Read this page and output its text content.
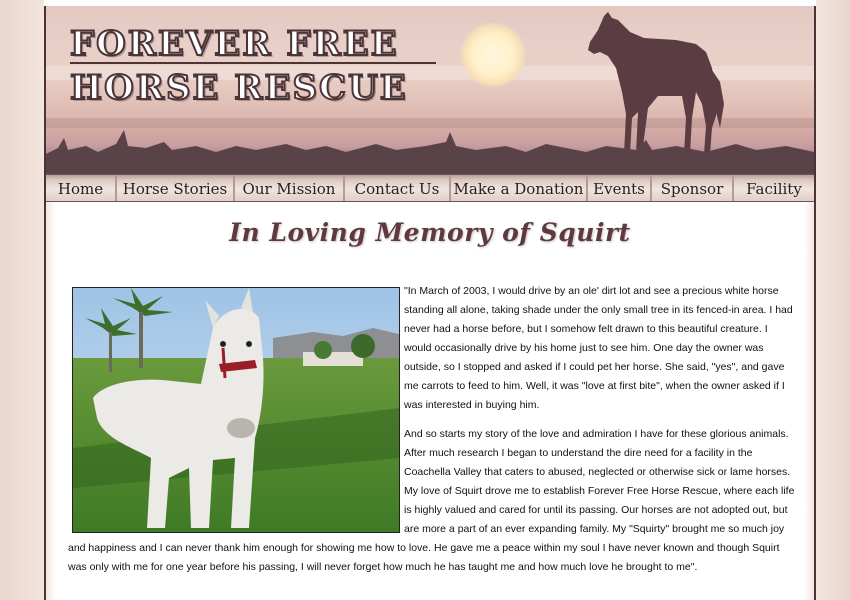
FOREVER FREE
HORSE RESCUE
Home	Horse Stories	Our Mission	Contact Us Make a Donation Events	Sponsor	Facility
In Loving Memory of Squirt

"In March of 2003, I would drive by an ole' dirt lot and see a precious white horse standing all alone, taking shade under the only small tree in its fenced-in area. I had never had a horse before, but I somehow felt drawn to this beautiful creature. I would occasionally drive by his home just to see him. One day the owner was outside, so I stopped and asked if I could pet her horse. She said, "yes", and gave me carrots to feed to him. Well, it was "love at first bite", when the owner asked if I was interested in buying him.

And so starts my story of the love and admiration I have for these glorious animals. After much research I began to understand the dire need for a facility in the Coachella Valley that caters to abused, neglected or otherwise sick or lame horses. My love of Squirt drove me to establish Forever Free Horse Rescue, where each life is highly valued and cared for until its passing. Our horses are not adopted out, but are more a part of an ever expanding family. My "Squirty" brought me so much joy and happiness and I can never thank him enough for showing me how to love. He gave me a peace within my soul I have never known and though Squirt was only with me for one year before his passing, I will never forget how much he has taught me and how much love he brought to me".
